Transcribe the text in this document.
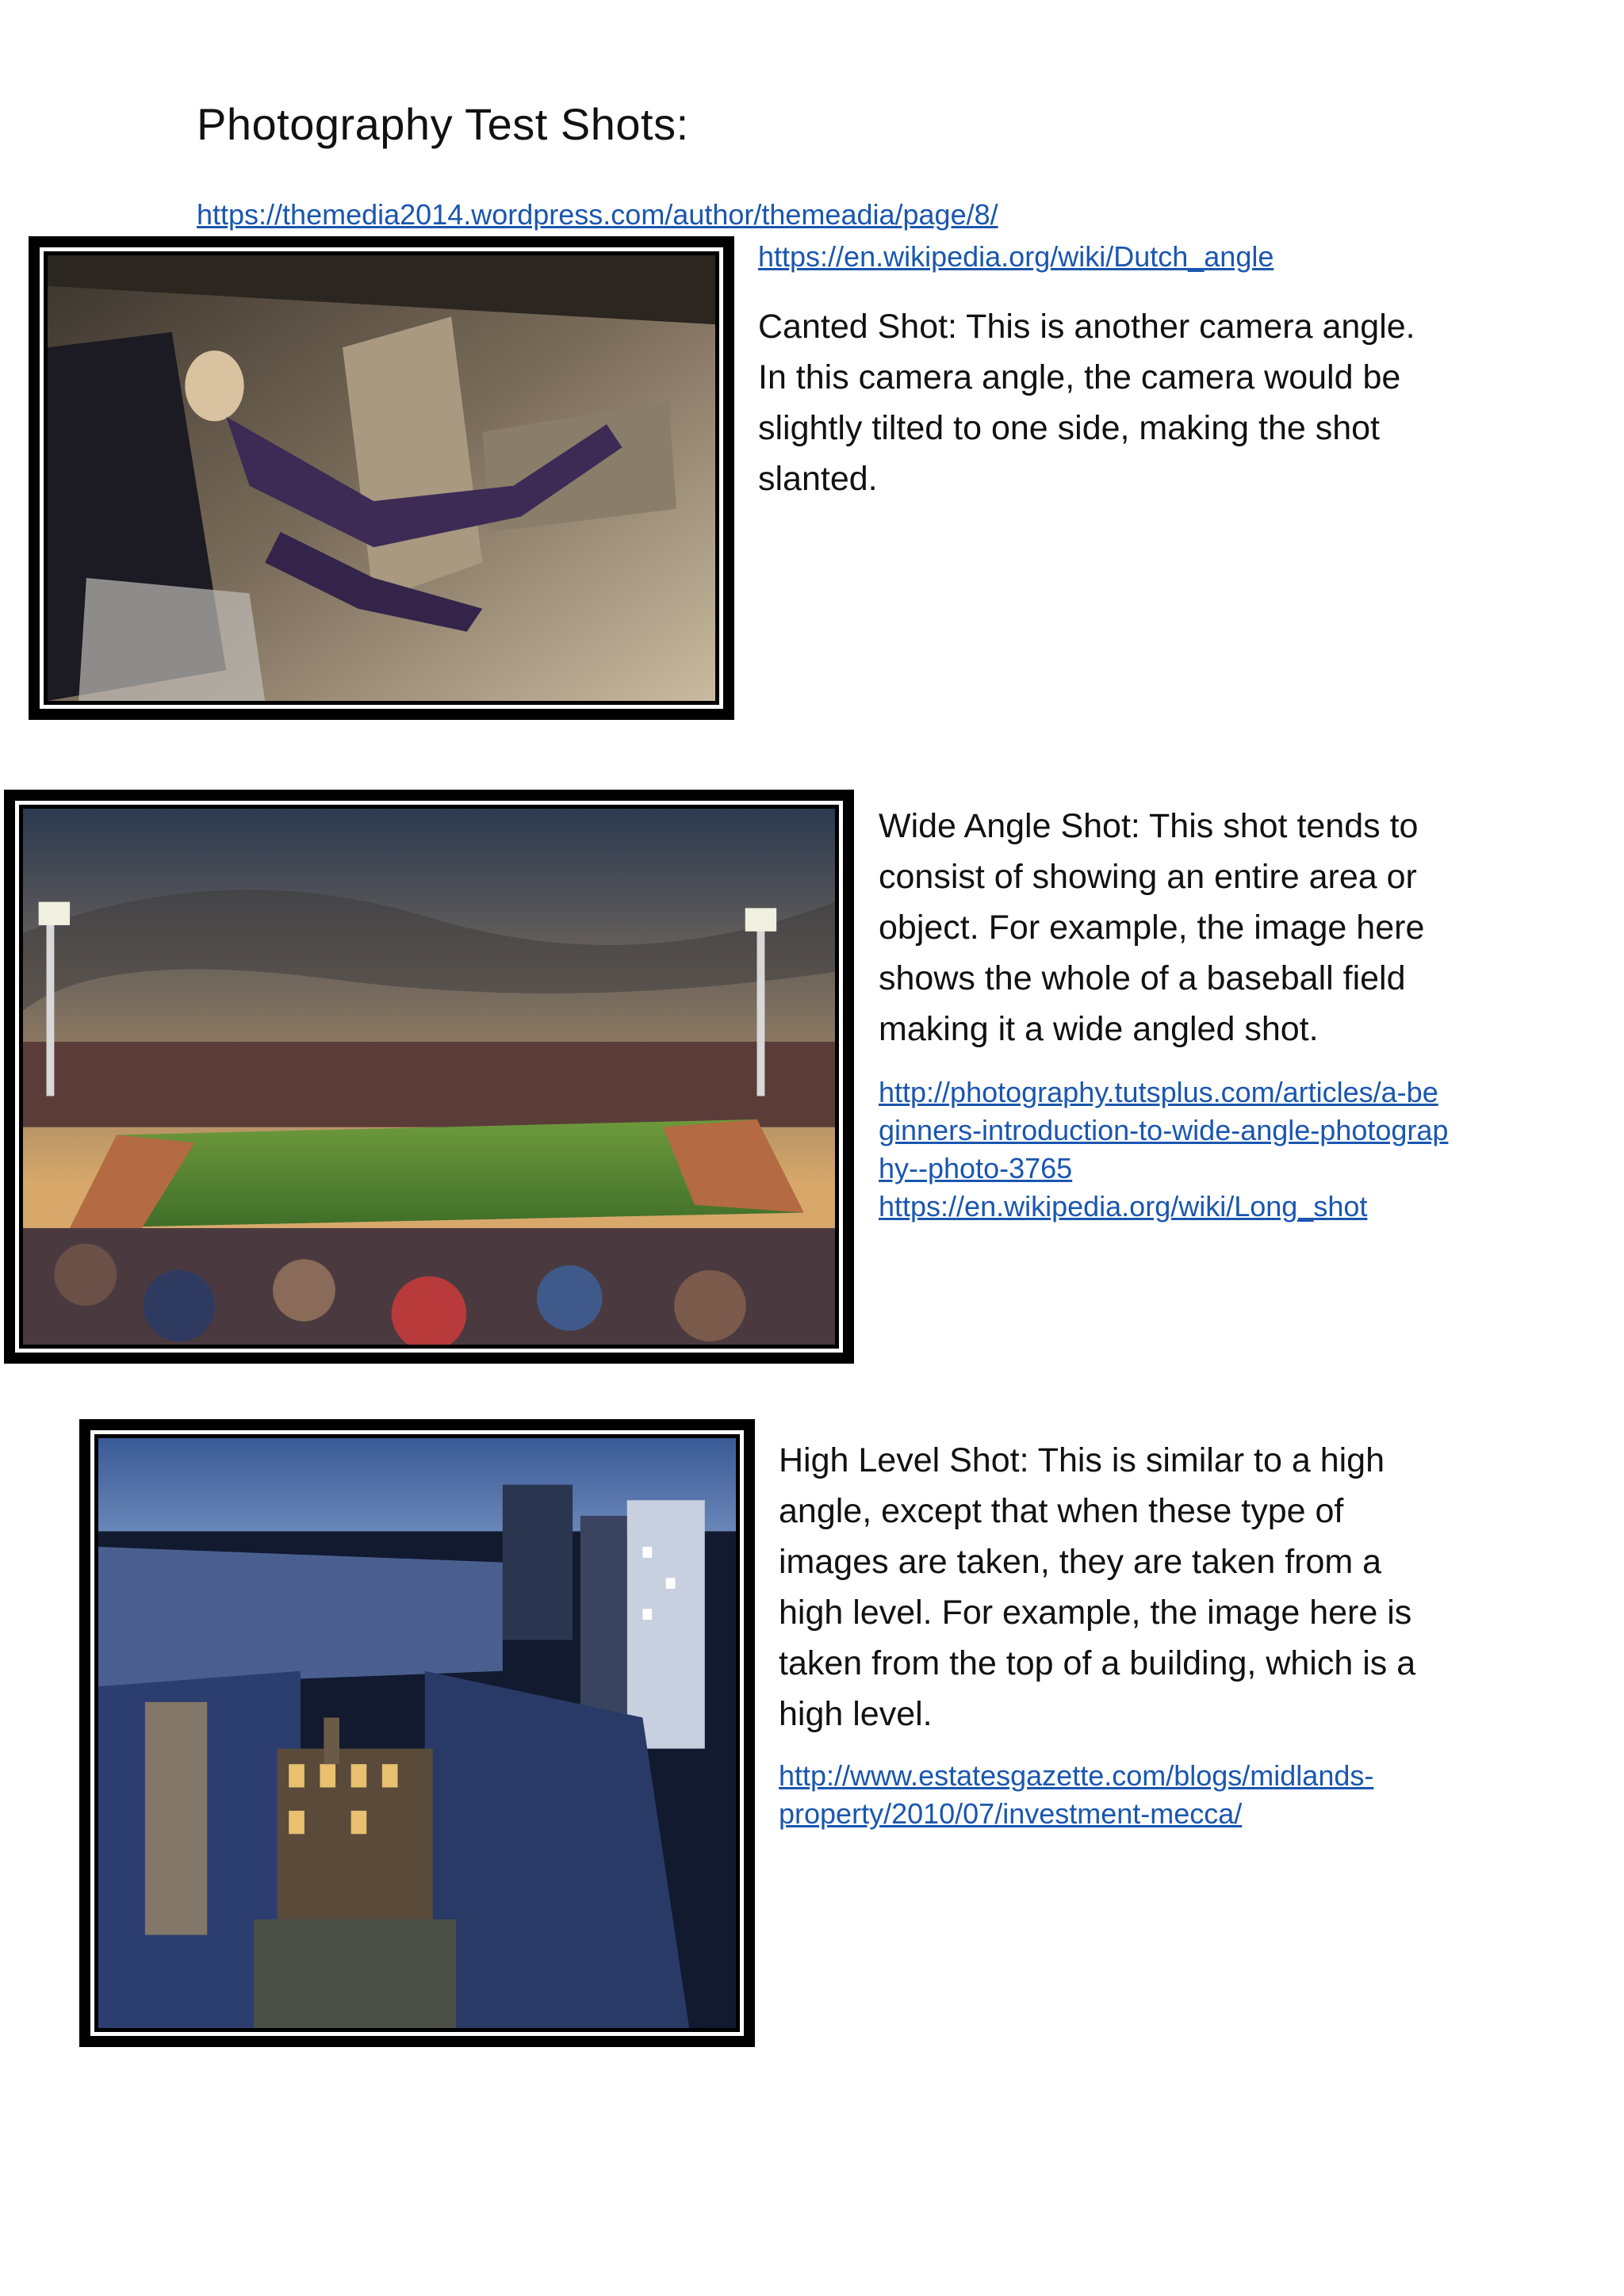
Photography Test Shots:
https://themedia2014.wordpress.com/author/themeadia/page/8/
https://en.wikipedia.org/wiki/Dutch_angle

Canted Shot: This is another camera angle. In this camera angle, the camera would be slightly tilted to one side, making the shot slanted.

Wide Angle Shot: This shot tends to consist of showing an entire area or object. For example, the image here shows the whole of a baseball field making it a wide angled shot.

http://photography.tutsplus.com/articles/a-beginners-introduction-to-wide-angle-photography--photo-3765
https://en.wikipedia.org/wiki/Long_shot

High Level Shot: This is similar to a high angle, except that when these type of images are taken, they are taken from a high level. For example, the image here is taken from the top of a building, which is a high level.

http://www.estatesgazette.com/blogs/midlands-property/2010/07/investment-mecca/
